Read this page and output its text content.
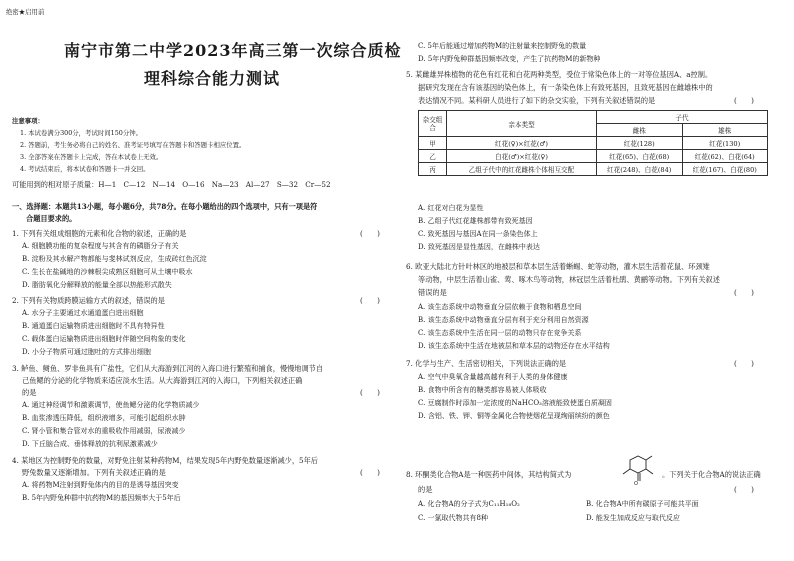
绝密★启用前
南宁市第二中学2023年高三第一次综合质检
理科综合能力测试
注意事项：
1. 本试卷满分300分，考试时间150分钟。
2. 答题前，考生务必将自己的姓名、准考证号填写在答题卡和答题卡相应位置。
3. 全部答案在答题卡上完成，答在本试卷上无效。
4. 考试结束后，将本试卷和答题卡一并交回。
可能用到的相对原子质量：H—1　C—12　N—14　O—16　Na—23　Al—27　S—32　Cr—52
一、选择题：本题共13小题，每小题6分，共78分。在每小题给出的四个选项中，只有一项是符
合题目要求的。
1. 下列有关组成细胞的元素和化合物的叙述，正确的是	(　　)
A. 细胞膜功能的复杂程度与其含有的磷脂分子有关
B. 淀粉及其水解产物都能与斐林试剂反应，生成砖红色沉淀
C. 生长在盐碱地的沙棘根尖成熟区细胞可从土壤中吸水
D. 脂肪氧化分解释放的能量全部以热能形式散失
2. 下列有关物质跨膜运输方式的叙述，错误的是	(　　)
A. 水分子主要通过水通道蛋白进出细胞
B. 通道蛋白运输物质进出细胞时不具有特异性
C. 载体蛋白运输物质进出细胞时伴随空间构象的变化
D. 小分子物质可通过胞吐的方式排出细胞
3. 鲈鱼、鲥鱼、罗非鱼具有广盐性，它们从大海游到江河的入海口进行繁殖和捕食，慢慢地调节自
己鱼鳃的分泌的化学物质来适应淡水生活。从大海游到江河的入海口，下列相关叙述正确
的是	(　　)
A. 通过神经调节和激素调节，使鱼鳃分泌的化学物质减少
B. 血浆渗透压降低，组织液增多，可能引起组织水肿
C. 肾小管和集合管对水的重吸收作用减弱，尿液减少
D. 下丘脑合成、垂体释放的抗利尿激素减少
4. 某地区为控制野免的数量，对野免注射某种药物M，结果发现5年内野免数量逐渐减少，5年后
野兔数量又逐渐增加。下列有关叙述正确的是	(　　)
A. 将药物M注射到野兔体内的目的是诱导基因突变
B. 5年内野兔种群中抗药物M的基因频率大于5年后
C. 5年后能通过增加药物M的注射量来控制野兔的数量
D. 5年内野兔种群基因频率改变，产生了抗药物M的新物种
5. 某雌雄异株植物的花色有红花和白花两种类型，受位于常染色体上的一对等位基因A、a控制。
据研究发现在含有该基因的染色体上，有一条染色体上有致死基因，且致死基因在雌雄株中的
表达情况不同。某科研人员进行了如下的杂交实验，下列有关叙述错误的是	(　　)
杂交组合	亲本类型	子代	
		雌株	雄株
甲	红花(♀)×红花(♂)	红花(128)	红花(130)
乙	白花(♂)×红花(♀)	红花(65)、白花(68)	红花(62)、白花(64)
丙	乙组子代中的红花雌株个体相互交配	红花(248)、白花(84)	红花(167)、白花(80)
A. 红花对白花为显性
B. 乙组子代红花雄株都带有致死基因
C. 致死基因与基因A在同一条染色体上
D. 致死基因是显性基因，在雌株中表达
6. 欧亚大陆北方针叶林区的地被层和草本层生活着蜥蜴、蛇等动物，灌木层生活着花鼠、环颈雉
等动物，中层生活着山雀、莺、啄木鸟等动物，林冠层生活着杜鹃、黄鹂等动物。下列有关叙述
错误的是	(　　)
A. 该生态系统中动物垂直分层依赖于食物和栖息空间
B. 该生态系统中动物垂直分层有利于充分利用自然资源
C. 该生态系统中生活在同一层的动物只存在竞争关系
D. 该生态系统中生活在地被层和草本层的动物还存在水平结构
7. 化学与生产、生活密切相关，下列说法正确的是	(　　)
A. 空气中臭氧含量越高越有利于人类的身体健康
B. 食物中所含有的糖类都容易被人体吸收
C. 豆腐制作时添加一定浓度的NaHCO₃溶液能致使蛋白质凝固
D. 含铝、铁、钾、铜等金属化合物使烟花呈现绚丽缤纷的颜色
8. 环酮类化合物A是一种医药中间体，其结构简式为
O
。下列关于化合物A的说法正确
的是	(　　)
A. 化合物A的分子式为C₁₁H₁₈O₂	B. 化合物A中所有碳原子可能共平面
C. 一氯取代物共有8种	D. 能发生加成反应与取代反应
